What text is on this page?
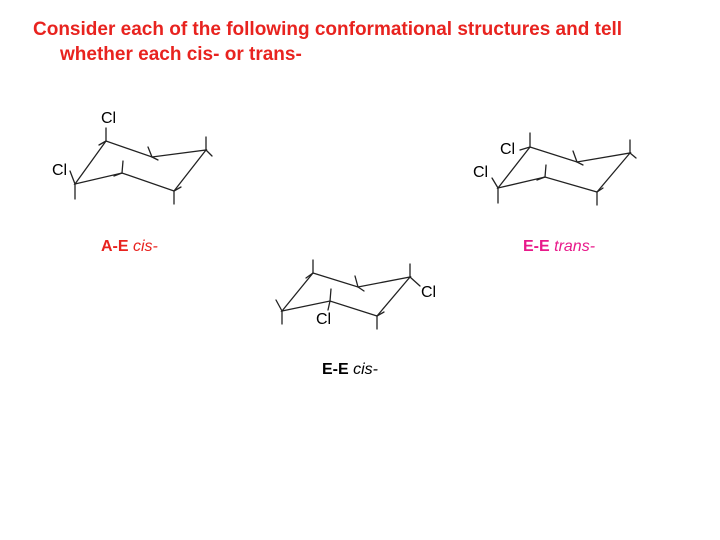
Consider each of the following conformational structures and tell
whether each cis- or trans-
Cl
Cl
A-E cis-
Cl
Cl
E-E trans-
Cl
Cl
E-E cis-
